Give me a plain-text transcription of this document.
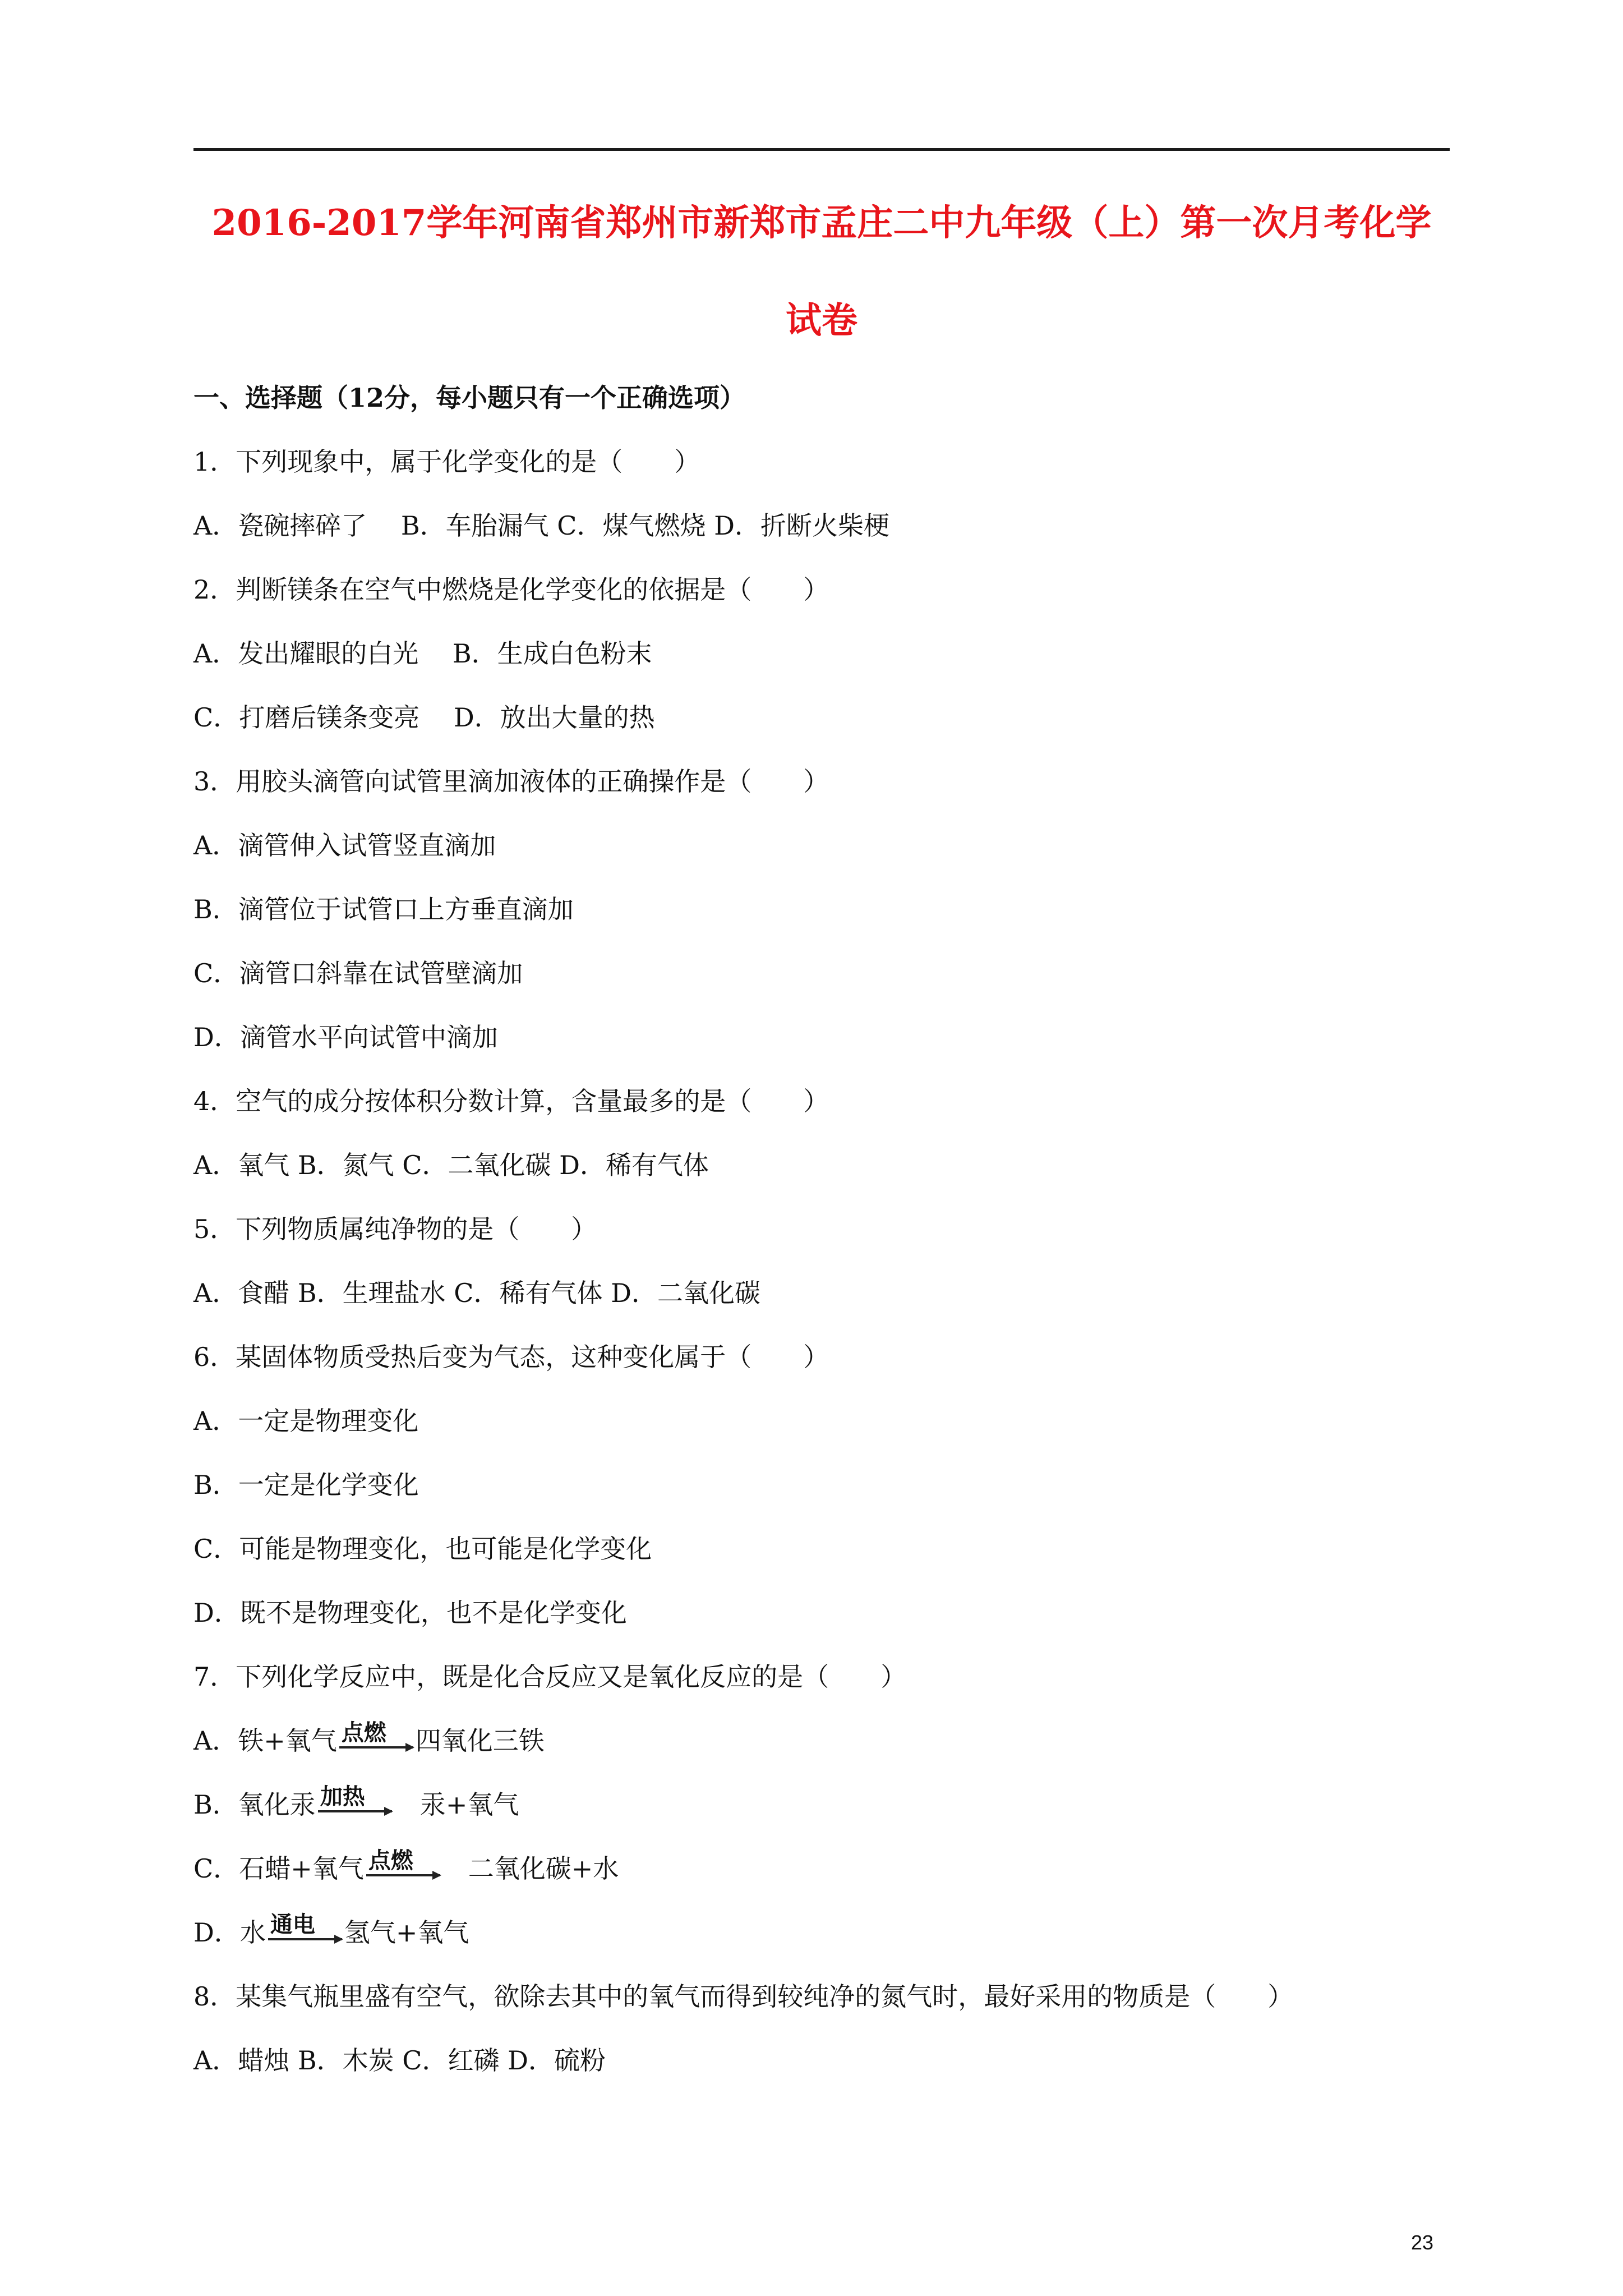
2016-2017学年河南省郑州市新郑市孟庄二中九年级（上）第一次月考化学
试卷
一、选择题（12分，每小题只有一个正确选项）
1．下列现象中，属于化学变化的是（　　）
A．瓷碗摔碎了　 B．车胎漏气 C．煤气燃烧 D．折断火柴梗
2．判断镁条在空气中燃烧是化学变化的依据是（　　）
A．发出耀眼的白光　 B．生成白色粉末
C．打磨后镁条变亮　 D．放出大量的热
3．用胶头滴管向试管里滴加液体的正确操作是（　　）
A．滴管伸入试管竖直滴加
B．滴管位于试管口上方垂直滴加
C．滴管口斜靠在试管壁滴加
D．滴管水平向试管中滴加
4．空气的成分按体积分数计算，含量最多的是（　　）
A．氧气 B．氮气 C．二氧化碳 D．稀有气体
5．下列物质属纯净物的是（　　）
A．食醋 B．生理盐水 C．稀有气体 D．二氧化碳
6．某固体物质受热后变为气态，这种变化属于（　　）
A．一定是物理变化
B．一定是化学变化
C．可能是物理变化，也可能是化学变化
D．既不是物理变化，也不是化学变化
7．下列化学反应中，既是化合反应又是氧化反应的是（　　）
A．铁+氧气 点燃 四氧化三铁
B．氧化汞 加热 　汞+氧气
C．石蜡+氧气 点燃 　二氧化碳+水
D．水 通电 氢气+氧气
8．某集气瓶里盛有空气，欲除去其中的氧气而得到较纯净的氮气时，最好采用的物质是（　　）
A．蜡烛 B．木炭 C．红磷 D．硫粉
23
